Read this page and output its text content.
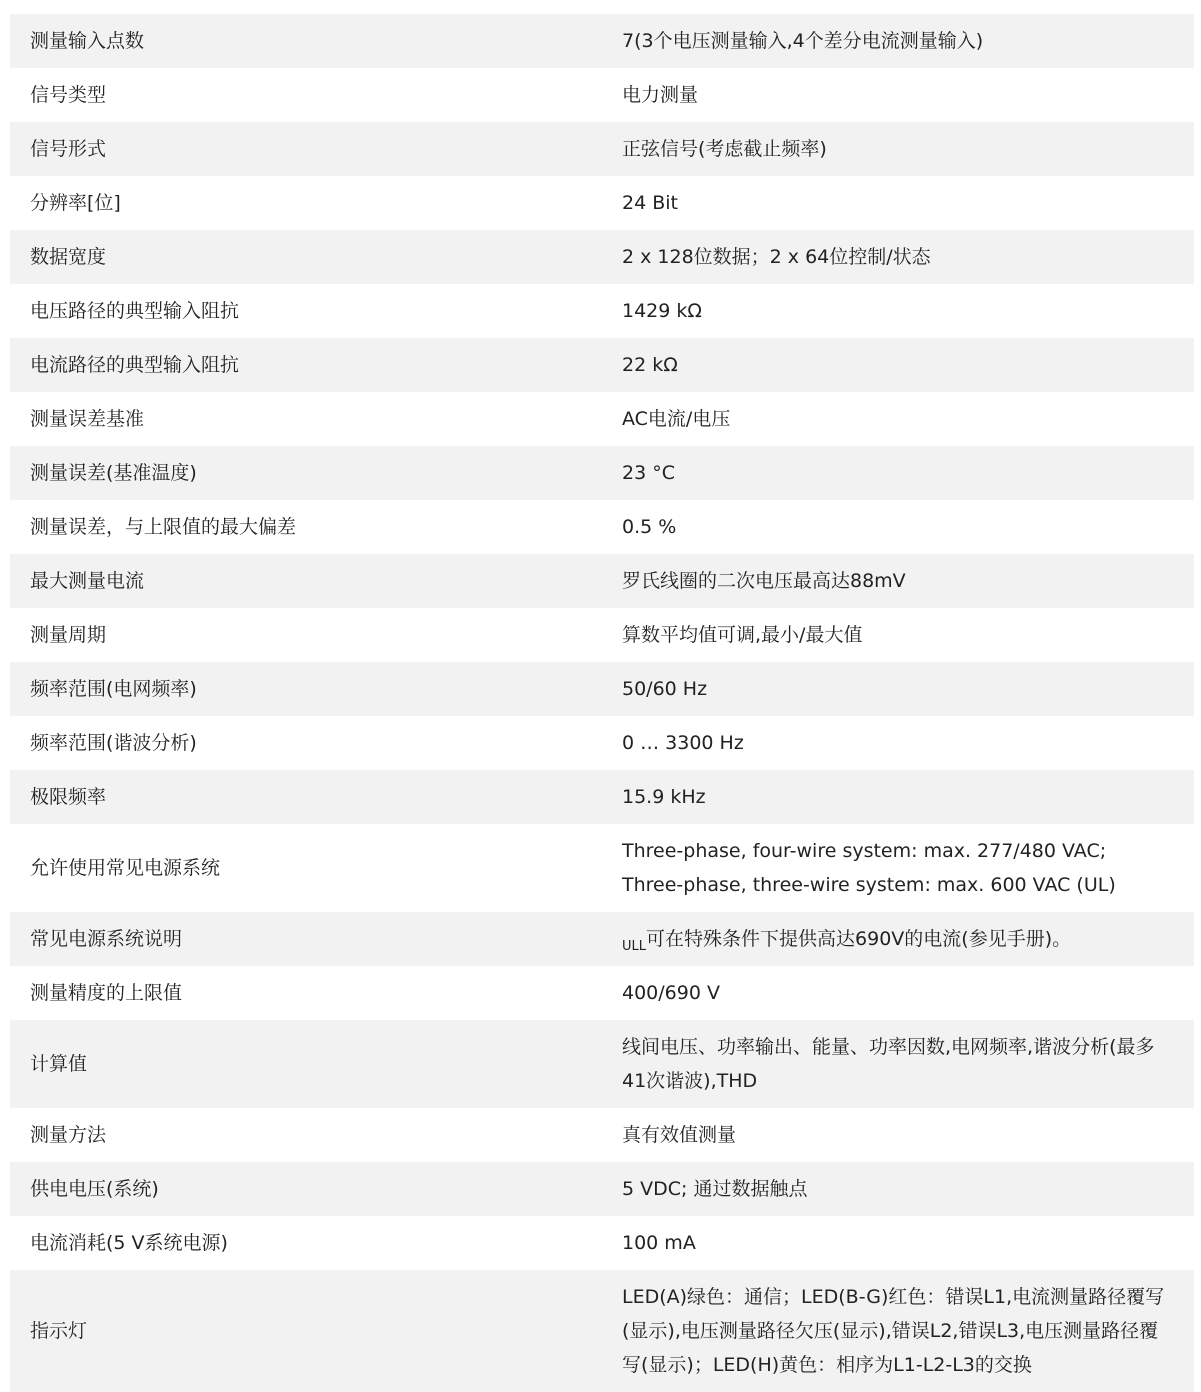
测量输入点数	7(3个电压测量输入,4个差分电流测量输入)
信号类型	电力测量
信号形式	正弦信号(考虑截止频率)
分辨率[位]	24 Bit
数据宽度	2 x 128位数据；2 x 64位控制/状态
电压路径的典型输入阻抗	1429 kΩ
电流路径的典型输入阻抗	22 kΩ
测量误差基准	AC电流/电压
测量误差(基准温度)	23 °C
测量误差，与上限值的最大偏差	0.5 %
最大测量电流	罗氏线圈的二次电压最高达88mV
测量周期	算数平均值可调,最小/最大值
频率范围(电网频率)	50/60 Hz
频率范围(谐波分析)	0 … 3300 Hz
极限频率	15.9 kHz
允许使用常见电源系统	Three-phase, four-wire system: max. 277/480 VAC; Three-phase, three-wire system: max. 600 VAC (UL)
常见电源系统说明	$_{ULL}$可在特殊条件下提供高达690V的电流(参见手册)。
测量精度的上限值	400/690 V
计算值	线间电压、功率输出、能量、功率因数,电网频率,谐波分析(最多41次谐波),THD
测量方法	真有效值测量
供电电压(系统)	5 VDC; 通过数据触点
电流消耗(5 V系统电源)	100 mA
指示灯	LED(A)绿色：通信；LED(B-G)红色：错误L1,电流测量路径覆写(显示),电压测量路径欠压(显示),错误L2,错误L3,电压测量路径覆写(显示)；LED(H)黄色：相序为L1-L2-L3的交换
